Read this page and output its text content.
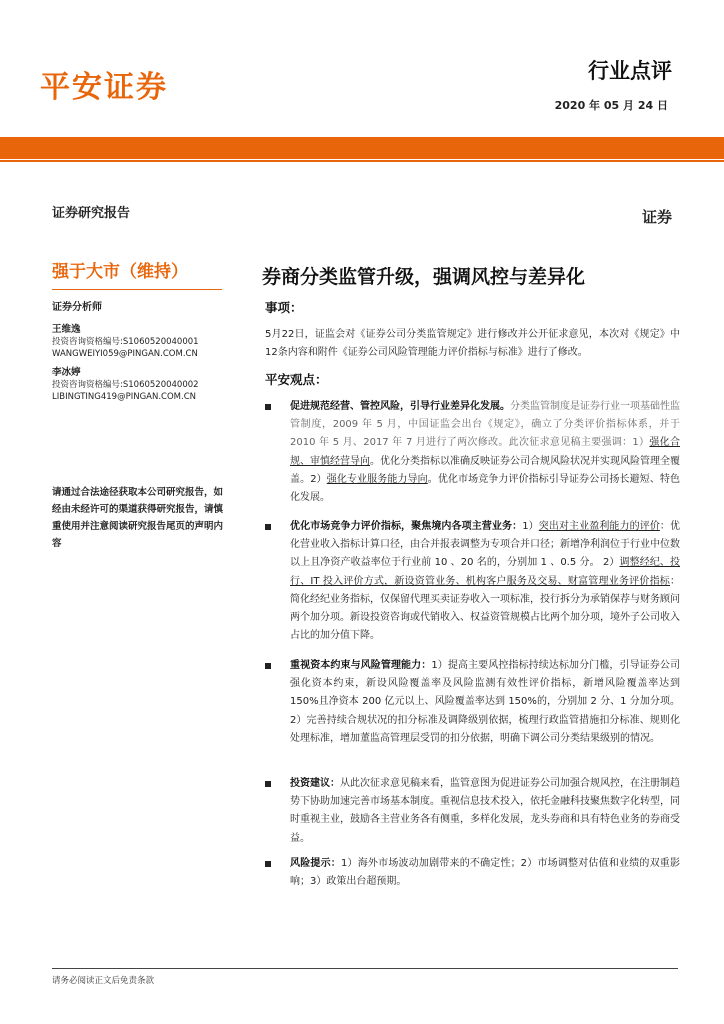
平安证券	行业点评
2020 年 05 月 24 日
证券研究报告
强于大市（维持）
证券分析师
王维逸
投资咨询资格编号:S1060520040001
WANGWEIYI059@PINGAN.COM.CN
李冰婷
投资咨询资格编号:S1060520040002
LIBINGTING419@PINGAN.COM.CN
请通过合法途径获取本公司研究报告，如经由未经许可的渠道获得研究报告，请慎重使用并注意阅读研究报告尾页的声明内容
证券
券商分类监管升级，强调风控与差异化
事项：
5月22日，证监会对《证券公司分类监管规定》进行修改并公开征求意见，本次对《规定》中12条内容和附件《证券公司风险管理能力评价指标与标准》进行了修改。
平安观点：
促进规范经营、管控风险，引导行业差异化发展。分类监管制度是证券行业一项基础性监管制度，2009 年 5 月，中国证监会出台《规定》，确立了分类评价指标体系，并于 2010 年 5 月、2017 年 7 月进行了两次修改。此次征求意见稿主要强调：1）强化合规、审慎经营导向。优化分类指标以准确反映证券公司合规风险状况并实现风险管理全覆盖。2）强化专业服务能力导向。优化市场竞争力评价指标引导证券公司扬长避短、特色化发展。
优化市场竞争力评价指标，聚焦境内各项主营业务：1）突出对主业盈利能力的评价：优化营业收入指标计算口径，由合并报表调整为专项合并口径；新增净利润位于行业中位数以上且净资产收益率位于行业前 10 、20 名的，分别加 1 、0.5 分。 2）调整经纪、投行、IT 投入评价方式，新设资管业务、机构客户服务及交易、财富管理业务评价指标：简化经纪业务指标，仅保留代理买卖证券收入一项标准，投行拆分为承销保荐与财务顾问两个加分项。新设投资咨询或代销收入、权益资管规模占比两个加分项，境外子公司收入占比的加分值下降。
重视资本约束与风险管理能力：1）提高主要风控指标持续达标加分门槛，引导证券公司强化资本约束，新设风险覆盖率及风险监测有效性评价指标，新增风险覆盖率达到 150%且净资本 200 亿元以上、风险覆盖率达到 150%的，分别加 2 分、1 分加分项。2）完善持续合规状况的扣分标准及调降级别依据，梳理行政监管措施扣分标准、规则化处理标准，增加董监高管理层受罚的扣分依据，明确下调公司分类结果级别的情况。
投资建议：从此次征求意见稿来看，监管意图为促进证券公司加强合规风控，在注册制趋势下协助加速完善市场基本制度。重视信息技术投入，依托金融科技聚焦数字化转型，同时重视主业，鼓励各主营业务各有侧重，多样化发展，龙头券商和具有特色业务的券商受益。
风险提示：1）海外市场波动加剧带来的不确定性；2）市场调整对估值和业绩的双重影响；3）政策出台超预期。
请务必阅读正文后免责条款
